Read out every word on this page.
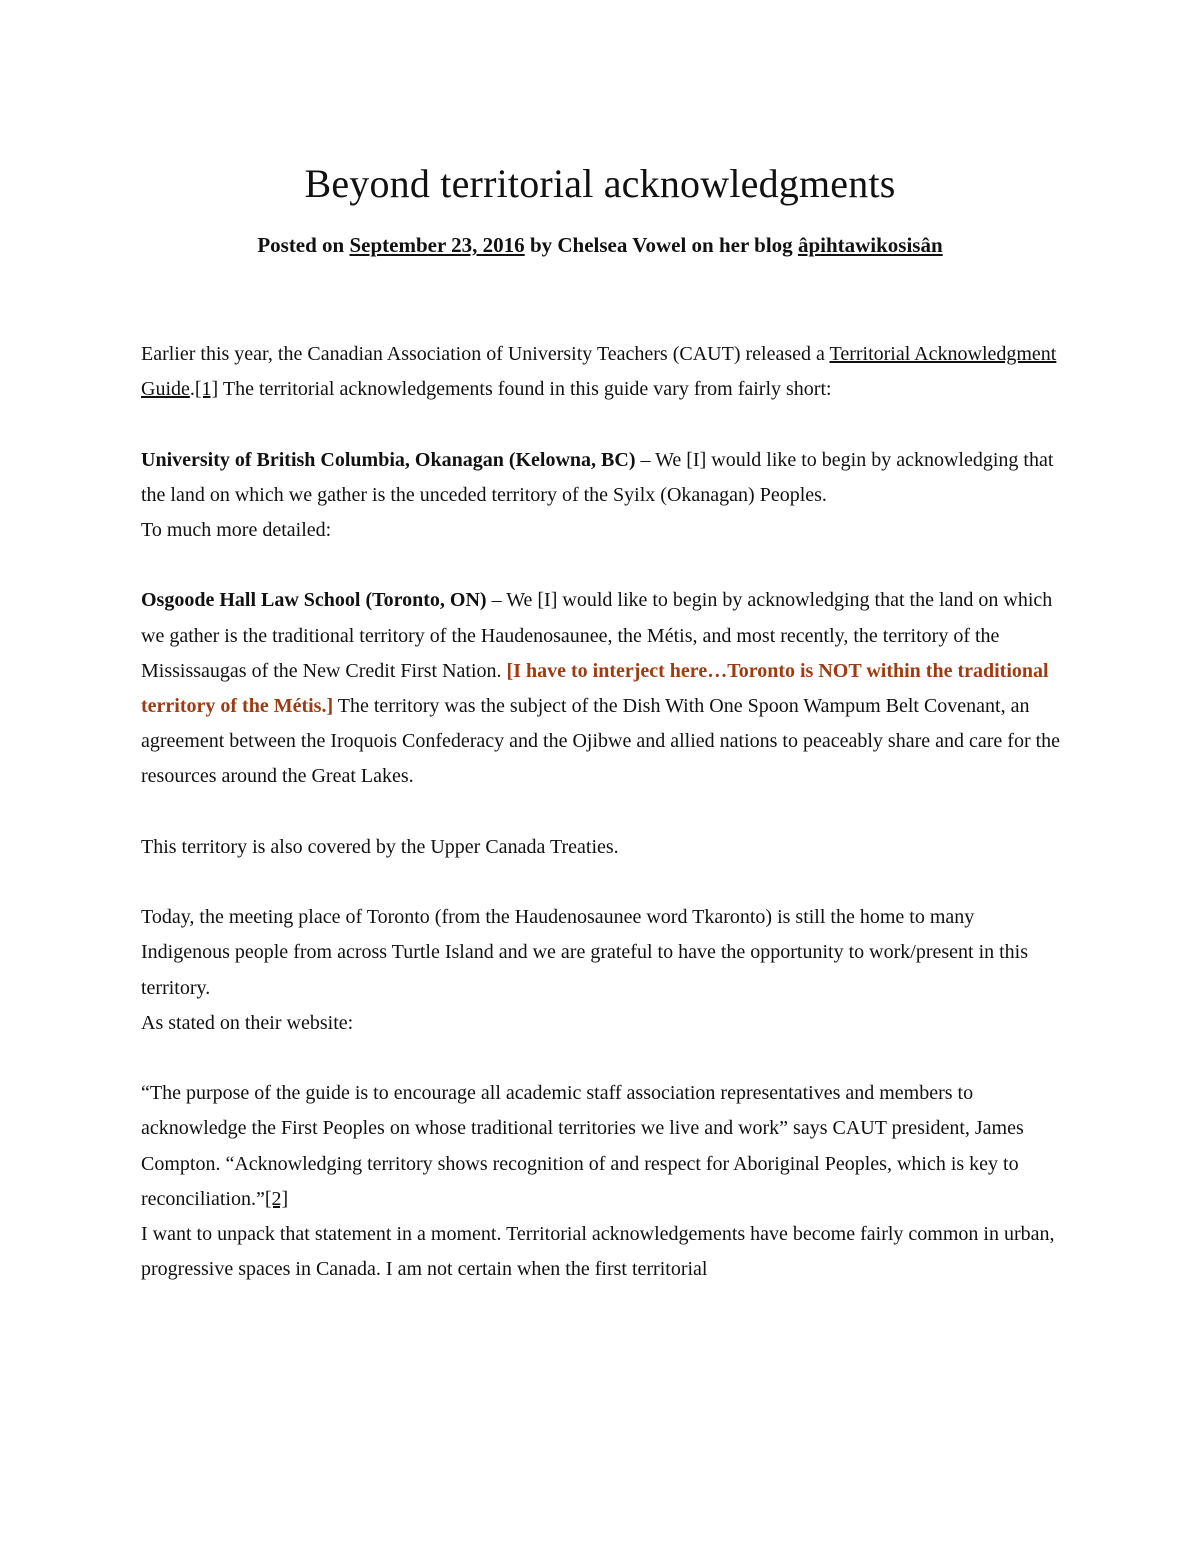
Beyond territorial acknowledgments

Posted on September 23, 2016 by Chelsea Vowel on her blog âpihtawikosisân

Earlier this year, the Canadian Association of University Teachers (CAUT) released a Territorial Acknowledgment Guide.[1] The territorial acknowledgements found in this guide vary from fairly short:

University of British Columbia, Okanagan (Kelowna, BC) – We [I] would like to begin by acknowledging that the land on which we gather is the unceded territory of the Syilx (Okanagan) Peoples.

To much more detailed:

Osgoode Hall Law School (Toronto, ON) – We [I] would like to begin by acknowledging that the land on which we gather is the traditional territory of the Haudenosaunee, the Métis, and most recently, the territory of the Mississaugas of the New Credit First Nation. [I have to interject here…Toronto is NOT within the traditional territory of the Métis.] The territory was the subject of the Dish With One Spoon Wampum Belt Covenant, an agreement between the Iroquois Confederacy and the Ojibwe and allied nations to peaceably share and care for the resources around the Great Lakes.

This territory is also covered by the Upper Canada Treaties.

Today, the meeting place of Toronto (from the Haudenosaunee word Tkaronto) is still the home to many Indigenous people from across Turtle Island and we are grateful to have the opportunity to work/present in this territory.

As stated on their website:

“The purpose of the guide is to encourage all academic staff association representatives and members to acknowledge the First Peoples on whose traditional territories we live and work” says CAUT president, James Compton. “Acknowledging territory shows recognition of and respect for Aboriginal Peoples, which is key to reconciliation.”[2]

I want to unpack that statement in a moment. Territorial acknowledgements have become fairly common in urban, progressive spaces in Canada. I am not certain when the first territorial
